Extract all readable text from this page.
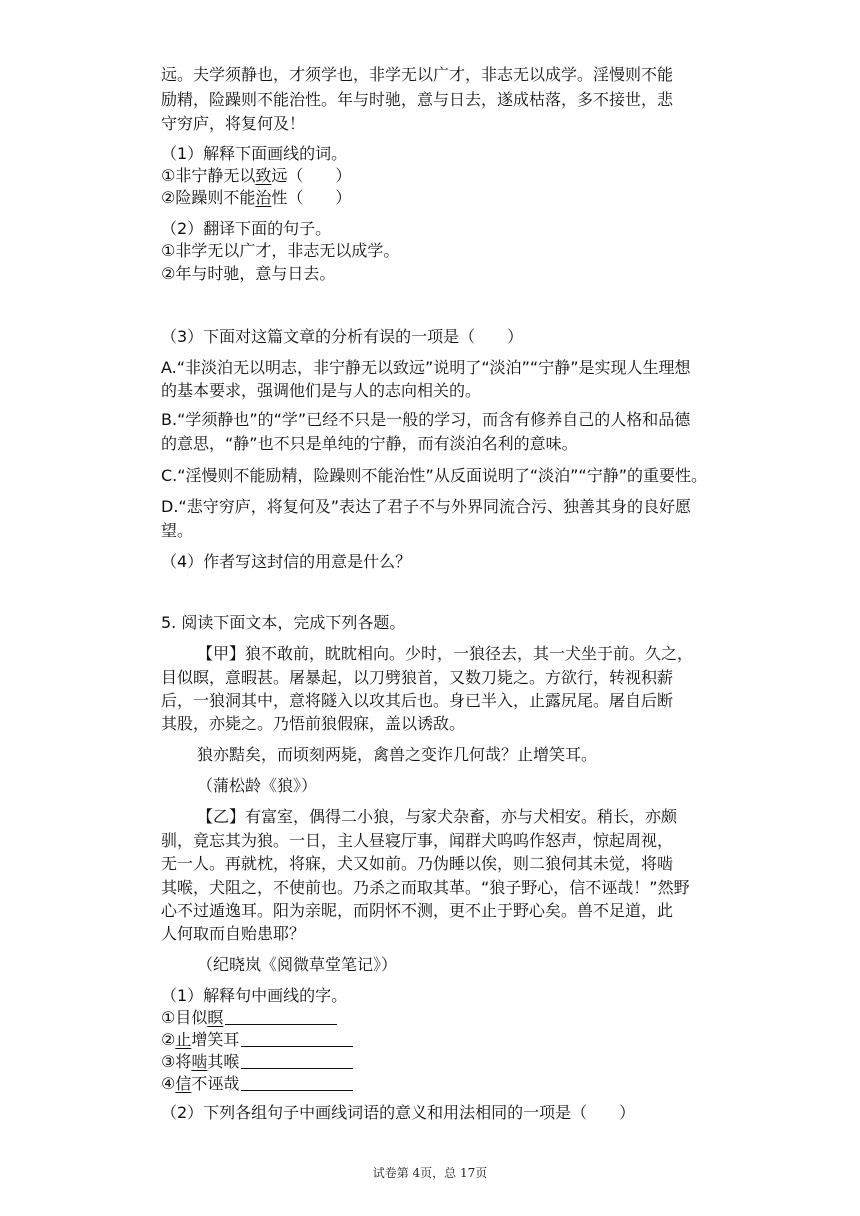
远。夫学须静也，才须学也，非学无以广才，非志无以成学。淫慢则不能
励精，险躁则不能治性。年与时驰，意与日去，遂成枯落，多不接世，悲
守穷庐，将复何及！
（1）解释下面画线的词。
①非宁静无以致远（　　）
②险躁则不能治性（　　）
（2）翻译下面的句子。
①非学无以广才，非志无以成学。
②年与时驰，意与日去。
（3）下面对这篇文章的分析有误的一项是（　　）
A.“非淡泊无以明志，非宁静无以致远”说明了“淡泊”“宁静”是实现人生理想
的基本要求，强调他们是与人的志向相关的。
B.“学须静也”的“学”已经不只是一般的学习，而含有修养自己的人格和品德
的意思，“静”也不只是单纯的宁静，而有淡泊名利的意味。
C.“淫慢则不能励精，险躁则不能治性”从反面说明了“淡泊”“宁静”的重要性。
D.“悲守穷庐，将复何及”表达了君子不与外界同流合污、独善其身的良好愿
望。
（4）作者写这封信的用意是什么？
5. 阅读下面文本，完成下列各题。
【甲】狼不敢前，眈眈相向。少时，一狼径去，其一犬坐于前。久之，
目似瞑，意暇甚。屠暴起，以刀劈狼首，又数刀毙之。方欲行，转视积薪
后，一狼洞其中，意将隧入以攻其后也。身已半入，止露尻尾。屠自后断
其股，亦毙之。乃悟前狼假寐，盖以诱敌。
狼亦黠矣，而顷刻两毙，禽兽之变诈几何哉？止增笑耳。
（蒲松龄《狼》）
【乙】有富室，偶得二小狼，与家犬杂畜，亦与犬相安。稍长，亦颇
驯，竟忘其为狼。一日，主人昼寝厅事，闻群犬呜呜作怒声，惊起周视，
无一人。再就枕，将寐，犬又如前。乃伪睡以俟，则二狼伺其未觉，将啮
其喉，犬阻之，不使前也。乃杀之而取其革。“狼子野心，信不诬哉！”然野
心不过遁逸耳。阳为亲昵，而阴怀不测，更不止于野心矣。兽不足道，此
人何取而自贻患耶？
（纪晓岚《阅微草堂笔记》）
（1）解释句中画线的字。
①目似瞑
②止增笑耳
③将啮其喉
④信不诬哉
（2）下列各组句子中画线词语的意义和用法相同的一项是（　　）
试卷第 4页，总 17页
